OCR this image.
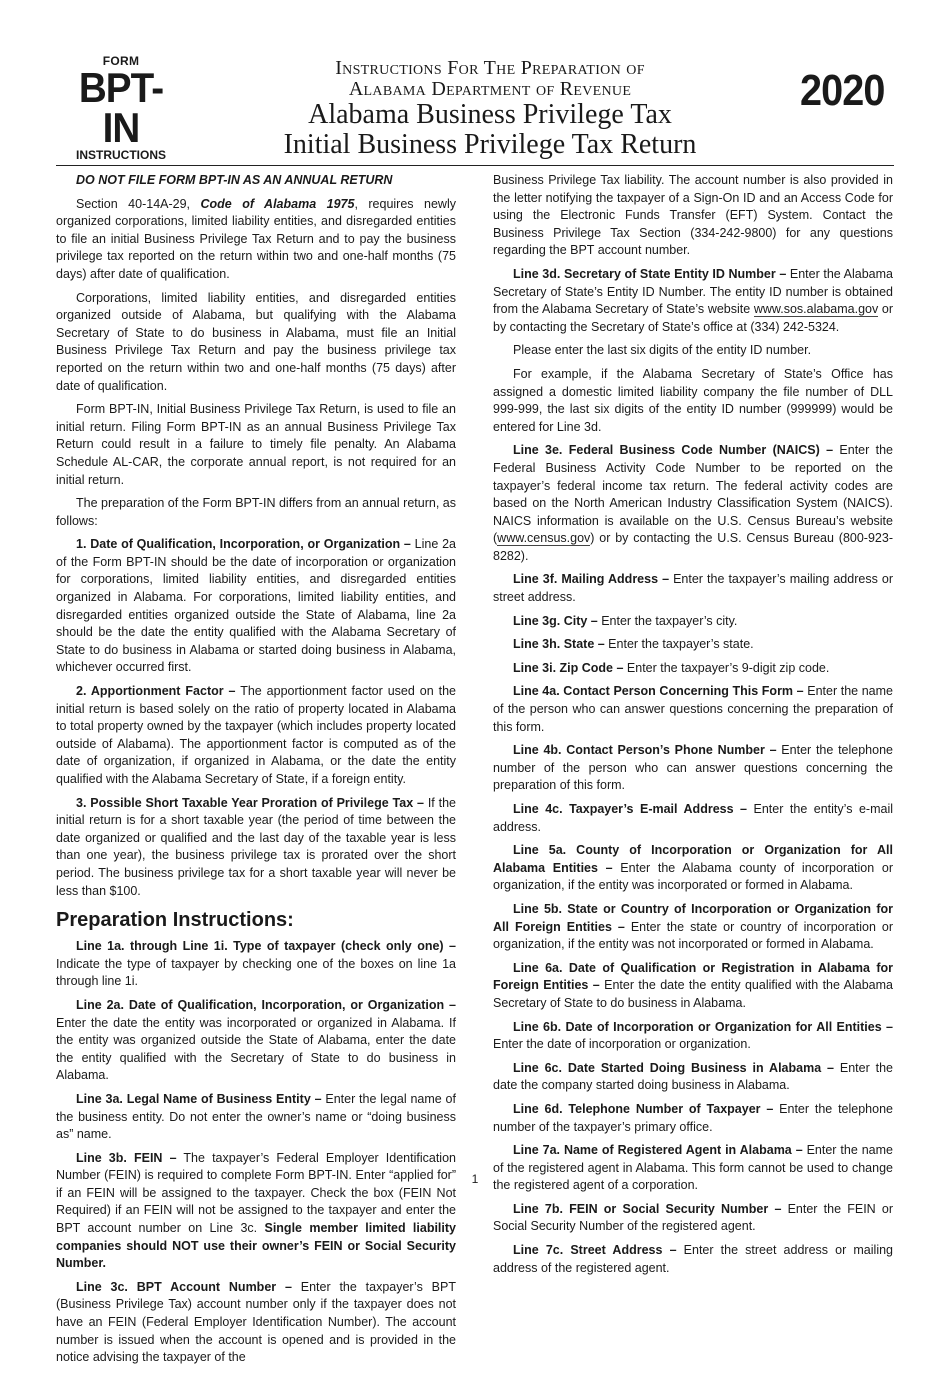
FORM
BPT-IN
INSTRUCTIONS
Instructions For The Preparation of
Alabama Department of Revenue
Alabama Business Privilege Tax
Initial Business Privilege Tax Return
2020

DO NOT FILE FORM BPT-IN AS AN ANNUAL RETURN

Section 40-14A-29, Code of Alabama 1975, requires newly organized corporations, limited liability entities, and disregarded entities to file an initial Business Privilege Tax Return and to pay the business privilege tax reported on the return within two and one-half months (75 days) after date of qualification.

Corporations, limited liability entities, and disregarded entities organized outside of Alabama, but qualifying with the Alabama Secretary of State to do business in Alabama, must file an Initial Business Privilege Tax Return and pay the business privilege tax reported on the return within two and one-half months (75 days) after date of qualification.

Form BPT-IN, Initial Business Privilege Tax Return, is used to file an initial return. Filing Form BPT-IN as an annual Business Privilege Tax Return could result in a failure to timely file penalty. An Alabama Schedule AL-CAR, the corporate annual report, is not required for an initial return.

The preparation of the Form BPT-IN differs from an annual return, as follows:

1. Date of Qualification, Incorporation, or Organization – Line 2a of the Form BPT-IN should be the date of incorporation or organization for corporations, limited liability entities, and disregarded entities organized in Alabama. For corporations, limited liability entities, and disregarded entities organized outside the State of Alabama, line 2a should be the date the entity qualified with the Alabama Secretary of State to do business in Alabama or started doing business in Alabama, whichever occurred first.

2. Apportionment Factor – The apportionment factor used on the initial return is based solely on the ratio of property located in Alabama to total property owned by the taxpayer (which includes property located outside of Alabama). The apportionment factor is computed as of the date of organization, if organized in Alabama, or the date the entity qualified with the Alabama Secretary of State, if a foreign entity.

3. Possible Short Taxable Year Proration of Privilege Tax – If the initial return is for a short taxable year (the period of time between the date organized or qualified and the last day of the taxable year is less than one year), the business privilege tax is prorated over the short period. The business privilege tax for a short taxable year will never be less than $100.

Preparation Instructions:

Line 1a. through Line 1i. Type of taxpayer (check only one) – Indicate the type of taxpayer by checking one of the boxes on line 1a through line 1i.

Line 2a. Date of Qualification, Incorporation, or Organization – Enter the date the entity was incorporated or organized in Alabama. If the entity was organized outside the State of Alabama, enter the date the entity qualified with the Secretary of State to do business in Alabama.

Line 3a. Legal Name of Business Entity – Enter the legal name of the business entity. Do not enter the owner’s name or “doing business as” name.

Line 3b. FEIN – The taxpayer’s Federal Employer Identification Number (FEIN) is required to complete Form BPT-IN. Enter “applied for” if an FEIN will be assigned to the taxpayer. Check the box (FEIN Not Required) if an FEIN will not be assigned to the taxpayer and enter the BPT account number on Line 3c. Single member limited liability companies should NOT use their owner’s FEIN or Social Security Number.

Line 3c. BPT Account Number – Enter the taxpayer’s BPT (Business Privilege Tax) account number only if the taxpayer does not have an FEIN (Federal Employer Identification Number). The account number is issued when the account is opened and is provided in the notice advising the taxpayer of the

Business Privilege Tax liability. The account number is also provided in the letter notifying the taxpayer of a Sign-On ID and an Access Code for using the Electronic Funds Transfer (EFT) System. Contact the Business Privilege Tax Section (334-242-9800) for any questions regarding the BPT account number.

Line 3d. Secretary of State Entity ID Number – Enter the Alabama Secretary of State’s Entity ID Number. The entity ID number is obtained from the Alabama Secretary of State’s website www.sos.alabama.gov or by contacting the Secretary of State’s office at (334) 242-5324.

Please enter the last six digits of the entity ID number.

For example, if the Alabama Secretary of State’s Office has assigned a domestic limited liability company the file number of DLL 999-999, the last six digits of the entity ID number (999999) would be entered for Line 3d.

Line 3e. Federal Business Code Number (NAICS) – Enter the Federal Business Activity Code Number to be reported on the taxpayer’s federal income tax return. The federal activity codes are based on the North American Industry Classification System (NAICS). NAICS information is available on the U.S. Census Bureau’s website (www.census.gov) or by contacting the U.S. Census Bureau (800-923-8282).

Line 3f. Mailing Address – Enter the taxpayer’s mailing address or street address.

Line 3g. City – Enter the taxpayer’s city.

Line 3h. State – Enter the taxpayer’s state.

Line 3i. Zip Code – Enter the taxpayer’s 9-digit zip code.

Line 4a. Contact Person Concerning This Form – Enter the name of the person who can answer questions concerning the preparation of this form.

Line 4b. Contact Person’s Phone Number – Enter the telephone number of the person who can answer questions concerning the preparation of this form.

Line 4c. Taxpayer’s E-mail Address – Enter the entity’s e-mail address.

Line 5a. County of Incorporation or Organization for All Alabama Entities – Enter the Alabama county of incorporation or organization, if the entity was incorporated or formed in Alabama.

Line 5b. State or Country of Incorporation or Organization for All Foreign Entities – Enter the state or country of incorporation or organization, if the entity was not incorporated or formed in Alabama.

Line 6a. Date of Qualification or Registration in Alabama for Foreign Entities – Enter the date the entity qualified with the Alabama Secretary of State to do business in Alabama.

Line 6b. Date of Incorporation or Organization for All Entities – Enter the date of incorporation or organization.

Line 6c. Date Started Doing Business in Alabama – Enter the date the company started doing business in Alabama.

Line 6d. Telephone Number of Taxpayer – Enter the telephone number of the taxpayer’s primary office.

Line 7a. Name of Registered Agent in Alabama – Enter the name of the registered agent in Alabama. This form cannot be used to change the registered agent of a corporation.

Line 7b. FEIN or Social Security Number – Enter the FEIN or Social Security Number of the registered agent.

Line 7c. Street Address – Enter the street address or mailing address of the registered agent.

1
